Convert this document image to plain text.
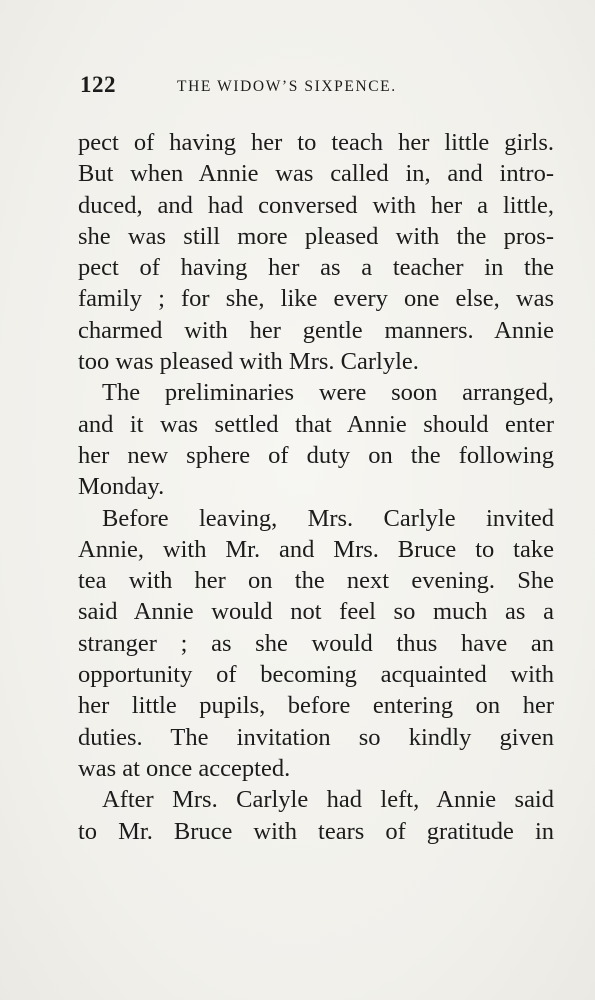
122	THE WIDOW’S SIXPENCE.
pect of having her to teach her little girls.
But when Annie was called in, and intro-
duced, and had conversed with her a little,
she was still more pleased with the pros-
pect of having her as a teacher in the
family ; for she, like every one else, was
charmed with her gentle manners. Annie
too was pleased with Mrs. Carlyle.
The preliminaries were soon arranged,
and it was settled that Annie should enter
her new sphere of duty on the following
Monday.
Before leaving, Mrs. Carlyle invited
Annie, with Mr. and Mrs. Bruce to take
tea with her on the next evening. She
said Annie would not feel so much as a
stranger ; as she would thus have an
opportunity of becoming acquainted with
her little pupils, before entering on her
duties. The invitation so kindly given
was at once accepted.
After Mrs. Carlyle had left, Annie said
to Mr. Bruce with tears of gratitude in
